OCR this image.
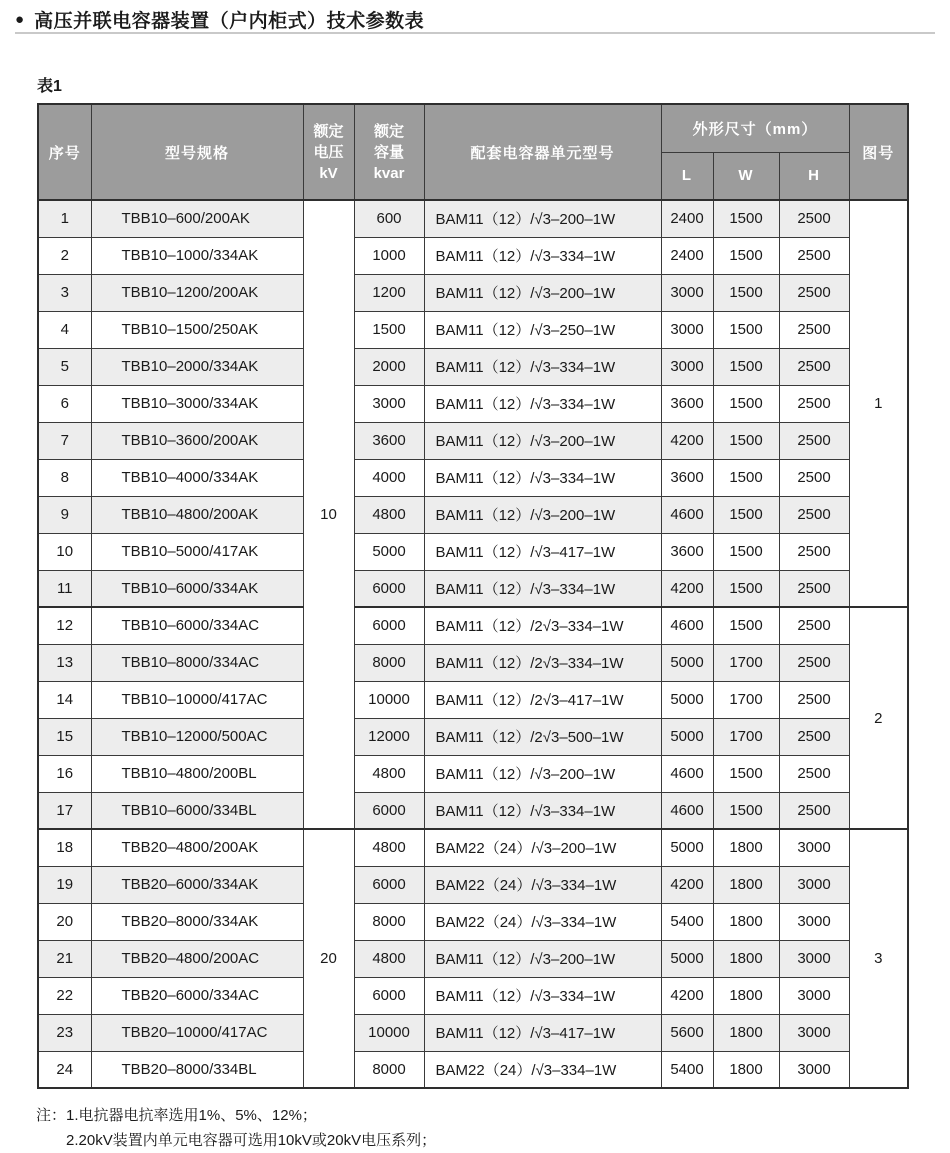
● 高压并联电容器装置（户内柜式）技术参数表
表1
序号	型号规格	额定
电压
kV	额定
容量
kvar	配套电容器单元型号	外形尺寸（mm）			图号
					L	W	H	
1	TBB10–600/200AK	10	600	BAM11（12）/√3–200–1W	2400	1500	2500	1
2	TBB10–1000/334AK		1000	BAM11（12）/√3–334–1W	2400	1500	2500	
3	TBB10–1200/200AK		1200	BAM11（12）/√3–200–1W	3000	1500	2500	
4	TBB10–1500/250AK		1500	BAM11（12）/√3–250–1W	3000	1500	2500	
5	TBB10–2000/334AK		2000	BAM11（12）/√3–334–1W	3000	1500	2500	
6	TBB10–3000/334AK		3000	BAM11（12）/√3–334–1W	3600	1500	2500	
7	TBB10–3600/200AK		3600	BAM11（12）/√3–200–1W	4200	1500	2500	
8	TBB10–4000/334AK		4000	BAM11（12）/√3–334–1W	3600	1500	2500	
9	TBB10–4800/200AK		4800	BAM11（12）/√3–200–1W	4600	1500	2500	
10	TBB10–5000/417AK		5000	BAM11（12）/√3–417–1W	3600	1500	2500	
11	TBB10–6000/334AK		6000	BAM11（12）/√3–334–1W	4200	1500	2500	
12	TBB10–6000/334AC		6000	BAM11（12）/2√3–334–1W	4600	1500	2500	2
13	TBB10–8000/334AC		8000	BAM11（12）/2√3–334–1W	5000	1700	2500	
14	TBB10–10000/417AC		10000	BAM11（12）/2√3–417–1W	5000	1700	2500	
15	TBB10–12000/500AC		12000	BAM11（12）/2√3–500–1W	5000	1700	2500	
16	TBB10–4800/200BL		4800	BAM11（12）/√3–200–1W	4600	1500	2500	
17	TBB10–6000/334BL		6000	BAM11（12）/√3–334–1W	4600	1500	2500	
18	TBB20–4800/200AK	20	4800	BAM22（24）/√3–200–1W	5000	1800	3000	3
19	TBB20–6000/334AK		6000	BAM22（24）/√3–334–1W	4200	1800	3000	
20	TBB20–8000/334AK		8000	BAM22（24）/√3–334–1W	5400	1800	3000	
21	TBB20–4800/200AC		4800	BAM11（12）/√3–200–1W	5000	1800	3000	
22	TBB20–6000/334AC		6000	BAM11（12）/√3–334–1W	4200	1800	3000	
23	TBB20–10000/417AC		10000	BAM11（12）/√3–417–1W	5600	1800	3000	
24	TBB20–8000/334BL		8000	BAM22（24）/√3–334–1W	5400	1800	3000	
注： 1.电抗器电抗率选用1%、5%、12%；
2.20kV装置内单元电容器可选用10kV或20kV电压系列；
